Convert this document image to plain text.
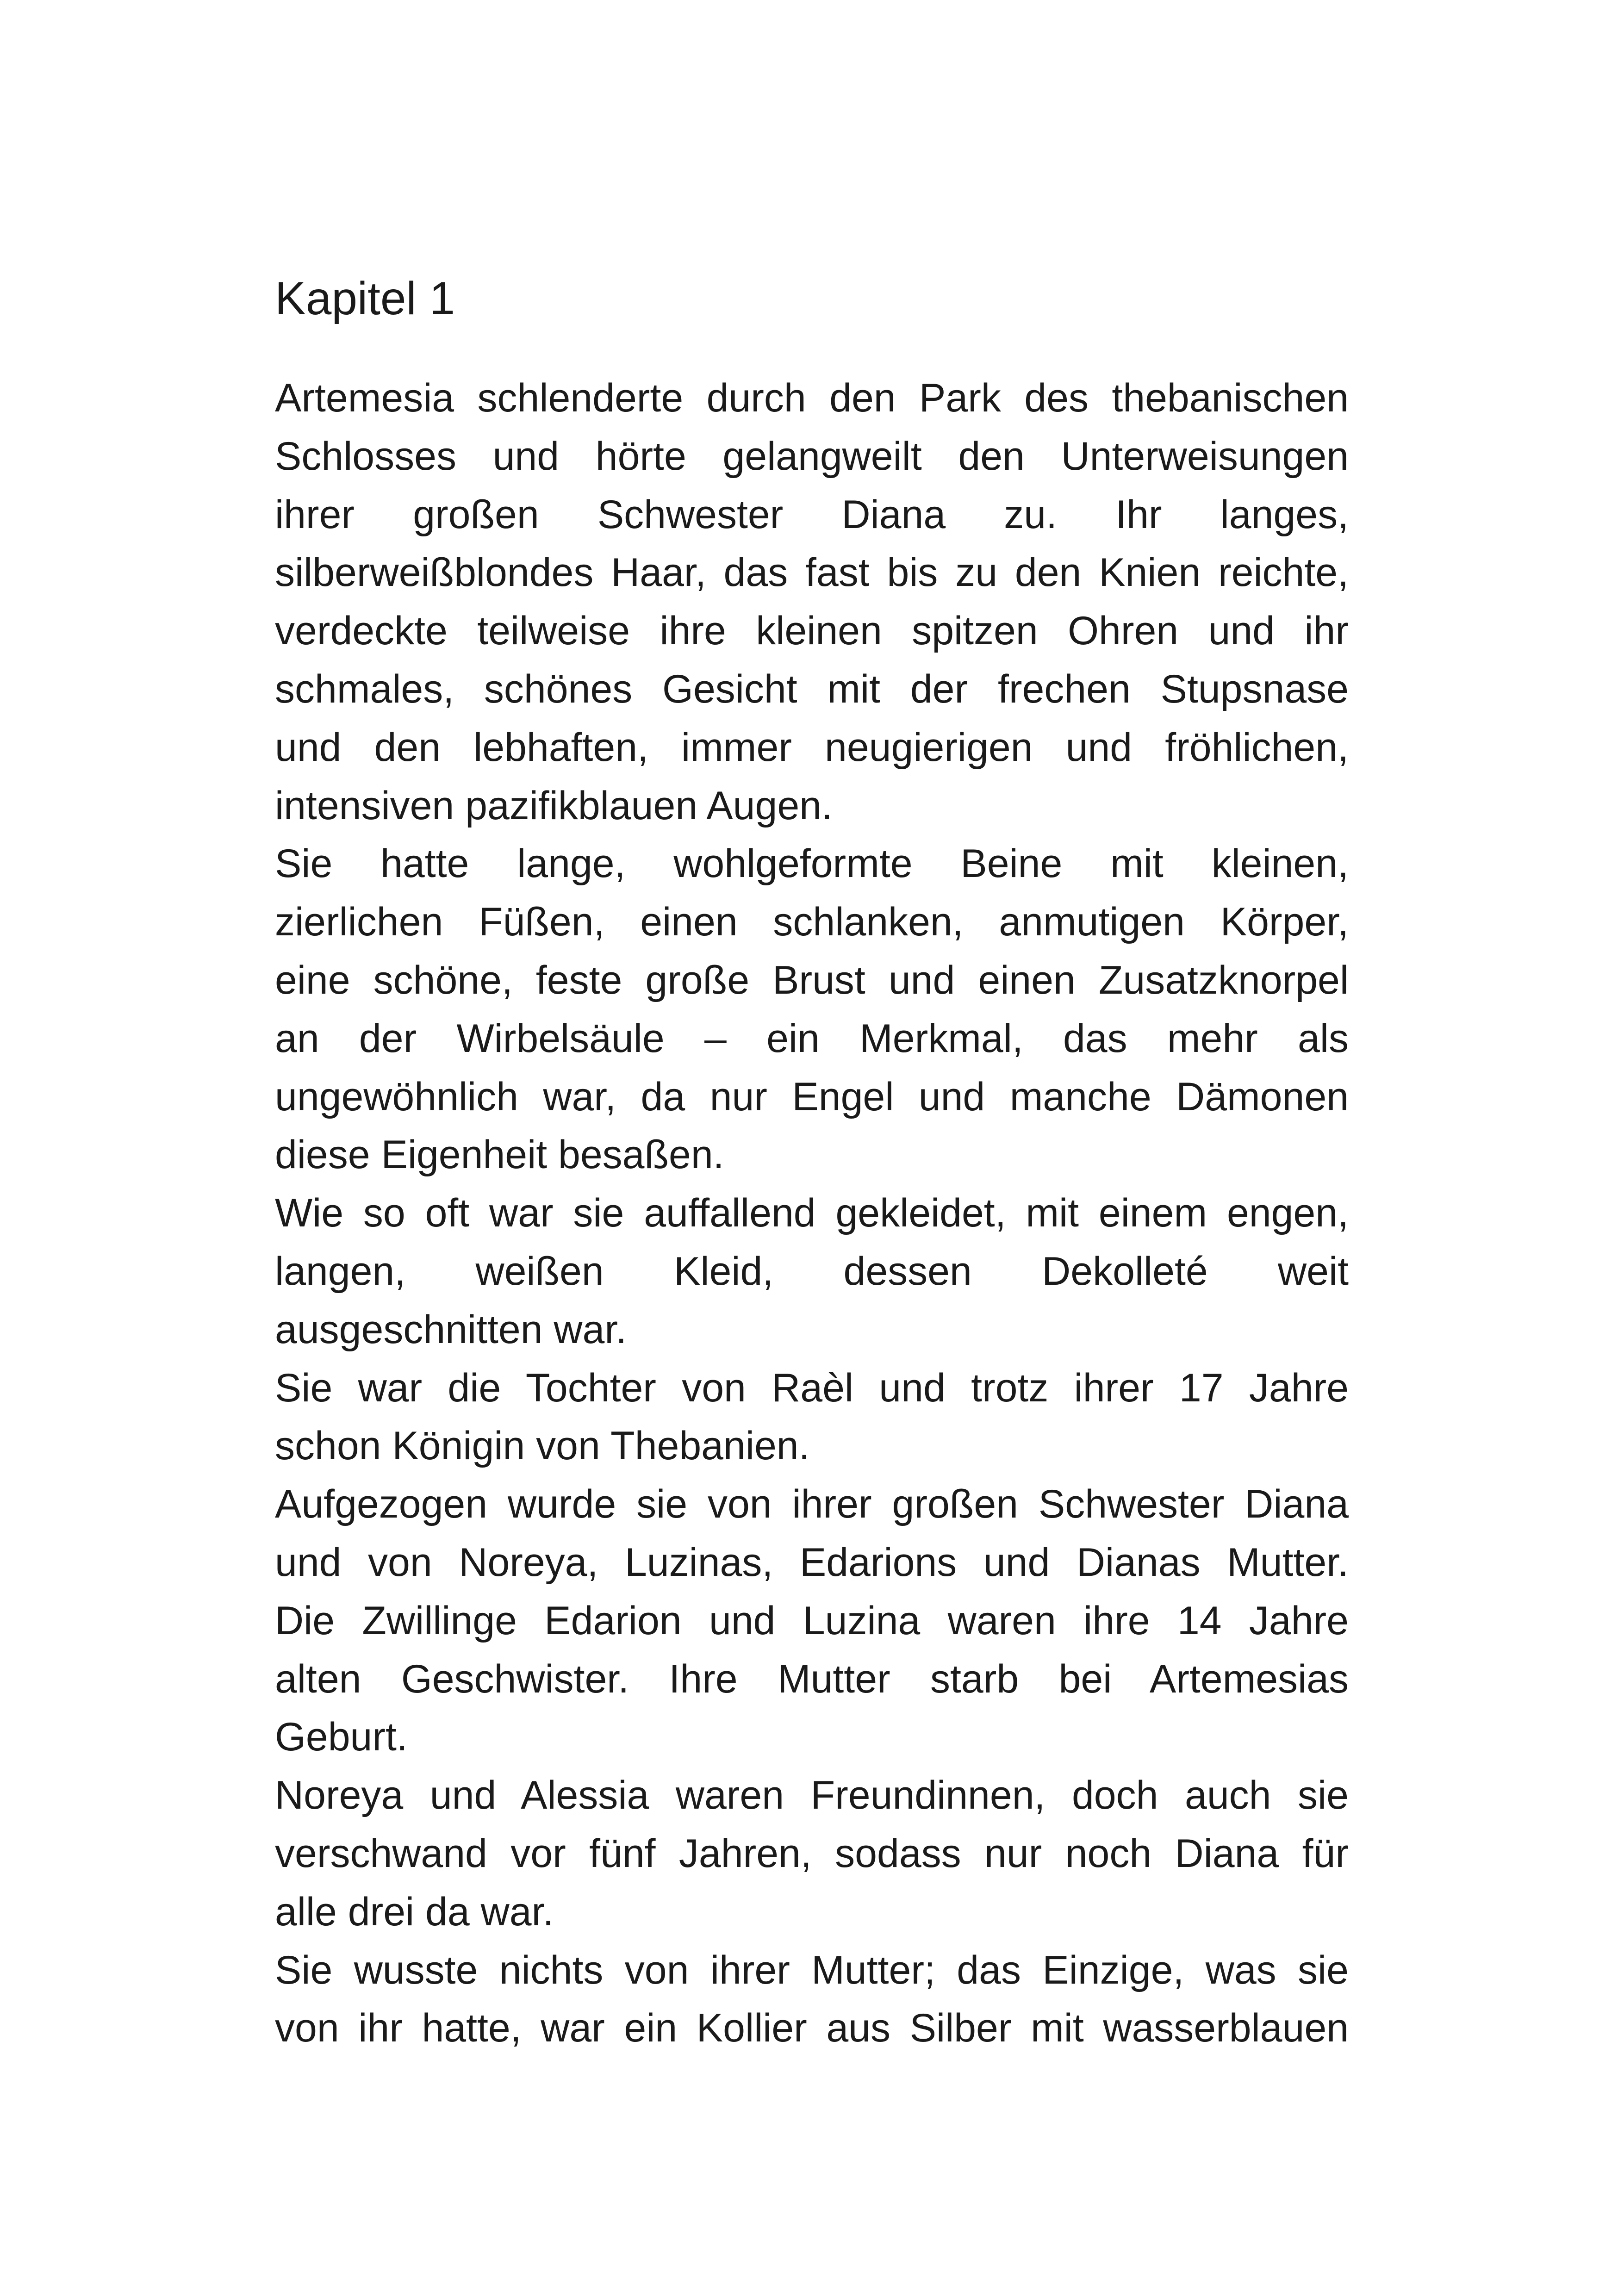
Kapitel 1
Artemesia schlenderte durch den Park des thebanischen
Schlosses und hörte gelangweilt den Unterweisungen
ihrer großen Schwester Diana zu. Ihr langes,
silberweißblondes Haar, das fast bis zu den Knien reichte,
verdeckte teilweise ihre kleinen spitzen Ohren und ihr
schmales, schönes Gesicht mit der frechen Stupsnase
und den lebhaften, immer neugierigen und fröhlichen,
intensiven pazifikblauen Augen.
Sie hatte lange, wohlgeformte Beine mit kleinen,
zierlichen Füßen, einen schlanken, anmutigen Körper,
eine schöne, feste große Brust und einen Zusatzknorpel
an der Wirbelsäule – ein Merkmal, das mehr als
ungewöhnlich war, da nur Engel und manche Dämonen
diese Eigenheit besaßen.
Wie so oft war sie auffallend gekleidet, mit einem engen,
langen, weißen Kleid, dessen Dekolleté weit
ausgeschnitten war.
Sie war die Tochter von Raèl und trotz ihrer 17 Jahre
schon Königin von Thebanien.
Aufgezogen wurde sie von ihrer großen Schwester Diana
und von Noreya, Luzinas, Edarions und Dianas Mutter.
Die Zwillinge Edarion und Luzina waren ihre 14 Jahre
alten Geschwister. Ihre Mutter starb bei Artemesias
Geburt.
Noreya und Alessia waren Freundinnen, doch auch sie
verschwand vor fünf Jahren, sodass nur noch Diana für
alle drei da war.
Sie wusste nichts von ihrer Mutter; das Einzige, was sie
von ihr hatte, war ein Kollier aus Silber mit wasserblauen
